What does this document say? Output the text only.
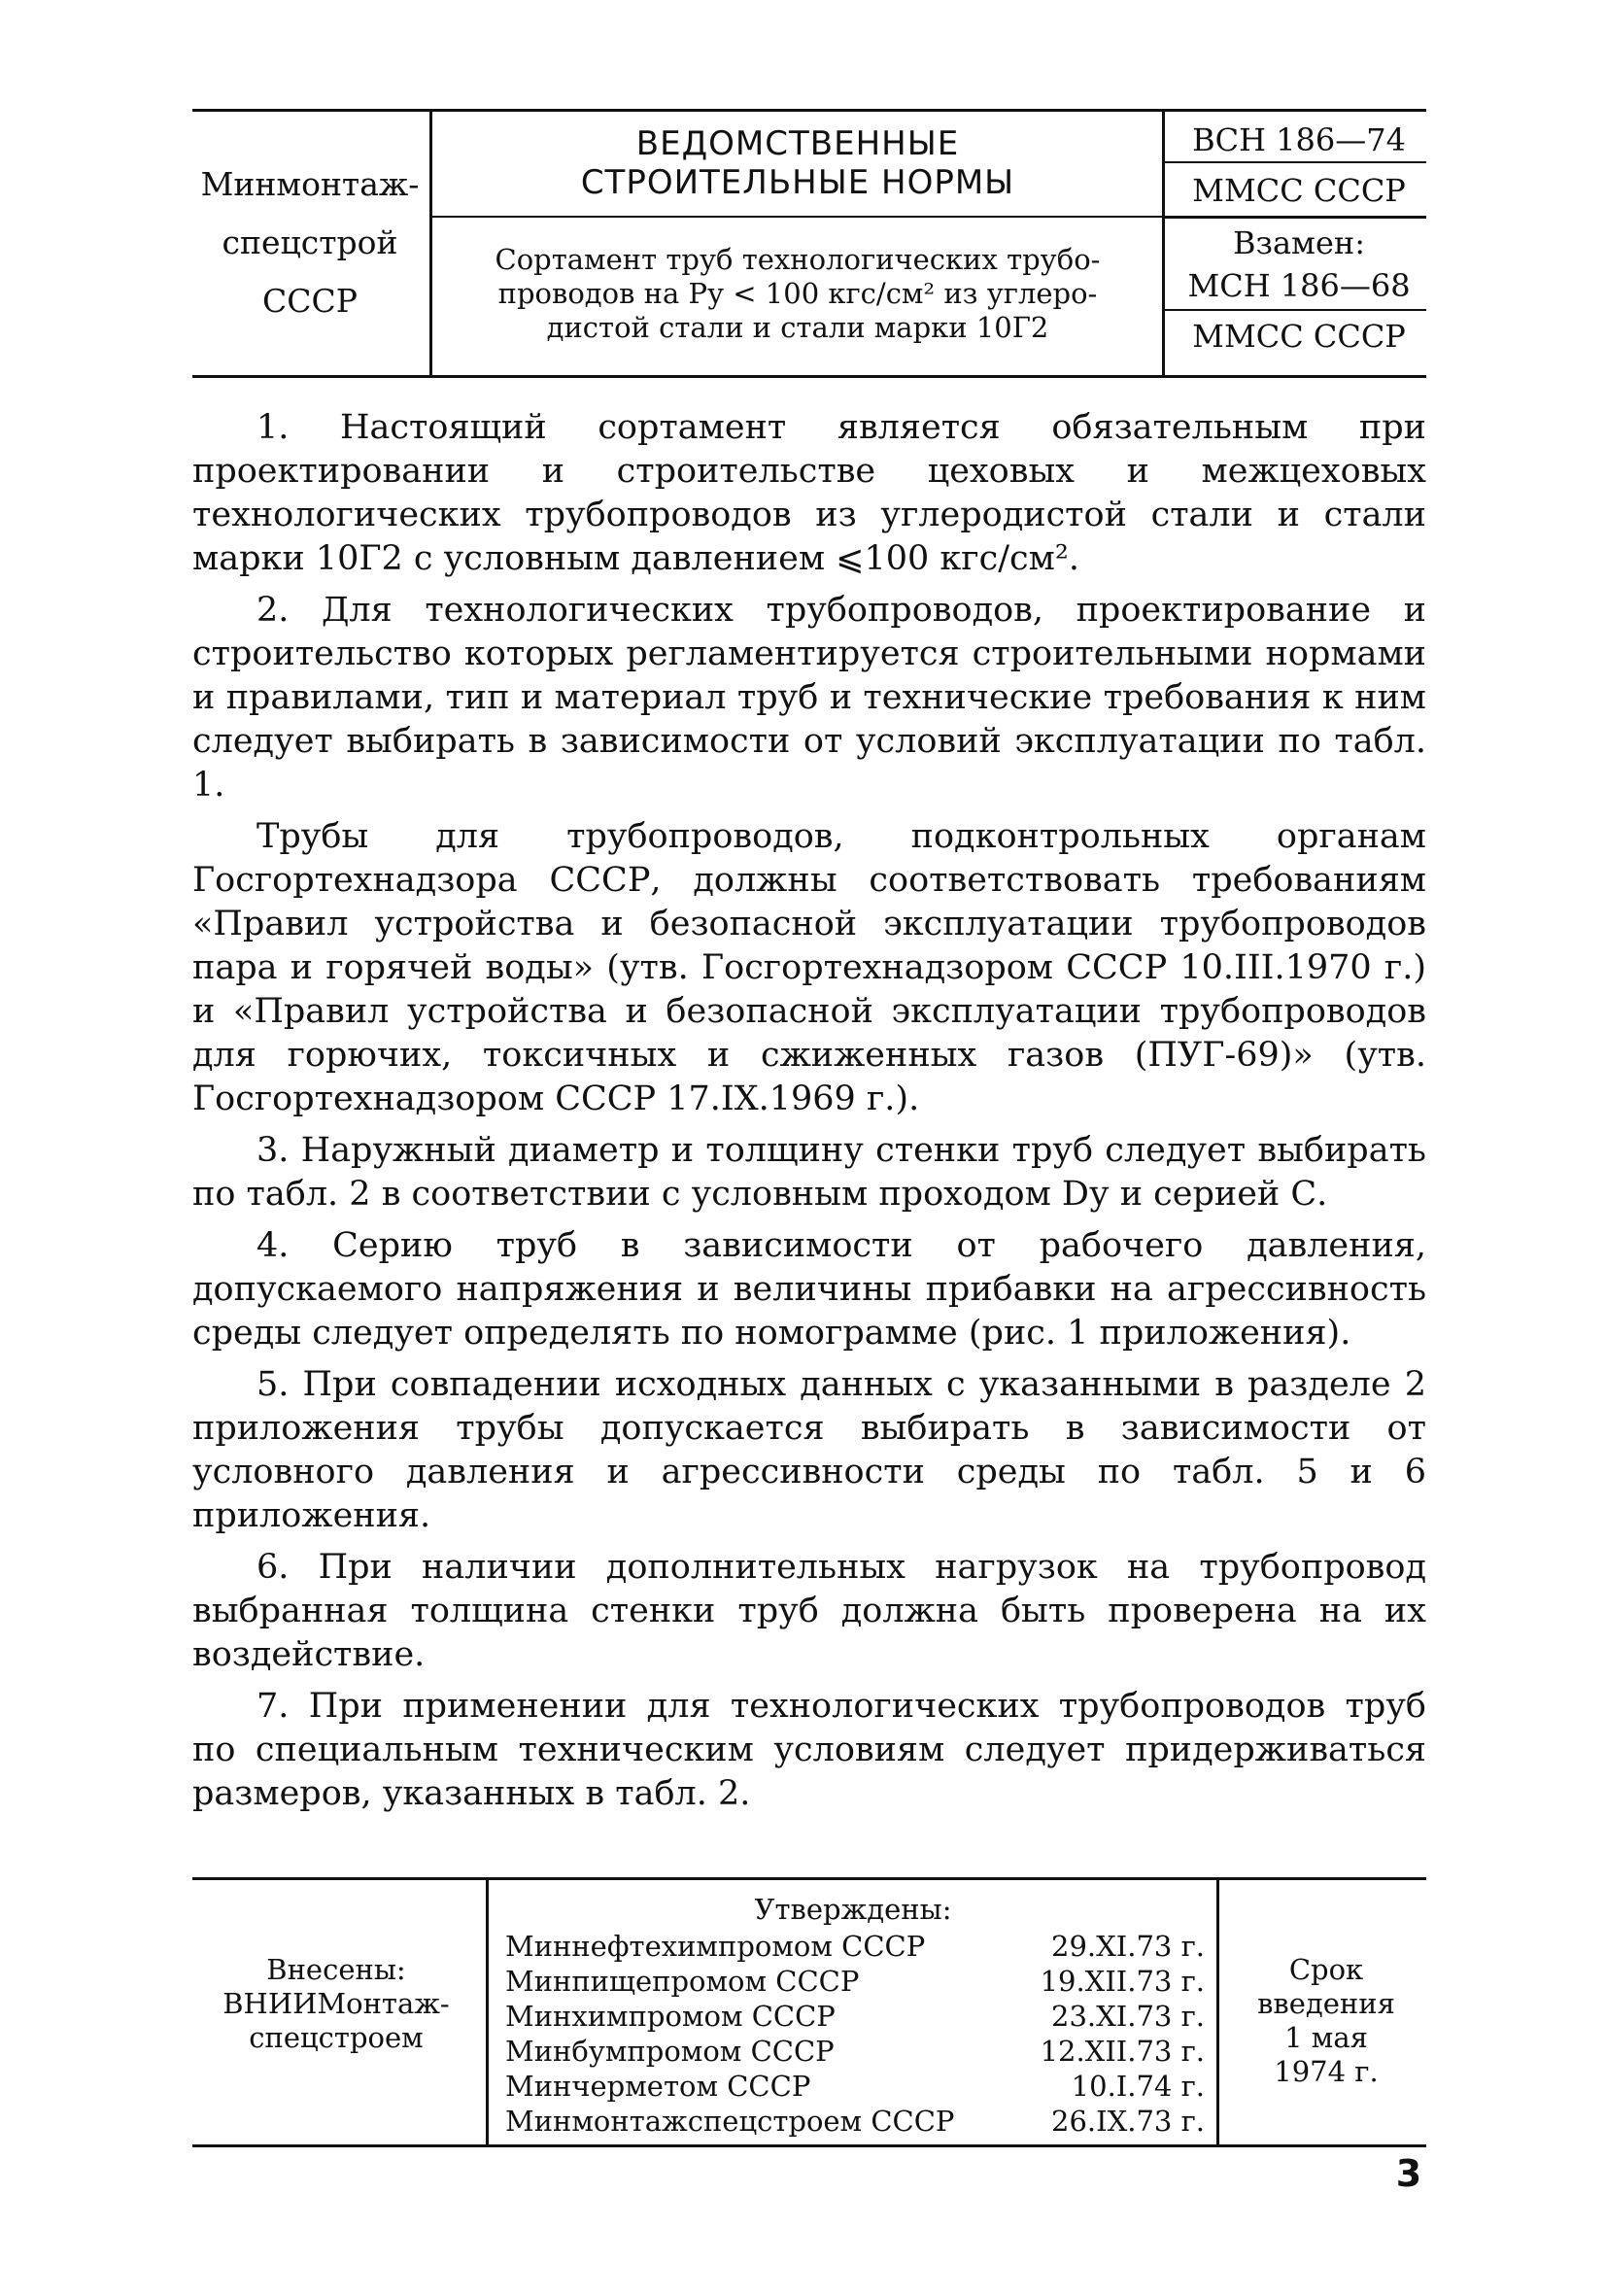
Минмонтаж-
спецстрой
СССР
ВЕДОМСТВЕННЫЕ
СТРОИТЕЛЬНЫЕ НОРМЫ
Сортамент труб технологических трубо-
проводов на Pу < 100 кгс/см² из углеро-
дистой стали и стали марки 10Г2
ВСН 186—74
ММСС СССР
Взамен:
МСН 186—68
ММСС СССР

1. Настоящий сортамент является обязательным при проектировании и строительстве цеховых и межцеховых технологических трубопроводов из углеродистой стали и стали марки 10Г2 с условным давлением ⩽100 кгс/см².

2. Для технологических трубопроводов, проектирование и строительство которых регламентируется строительными нормами и правилами, тип и материал труб и технические требования к ним следует выбирать в зависимости от условий эксплуатации по табл. 1.

Трубы для трубопроводов, подконтрольных органам Госгортехнадзора СССР, должны соответствовать требованиям «Правил устройства и безопасной эксплуатации трубопроводов пара и горячей воды» (утв. Госгортехнадзором СССР 10.III.1970 г.) и «Правил устройства и безопасной эксплуатации трубопроводов для горючих, токсичных и сжиженных газов (ПУГ-69)» (утв. Госгортехнадзором СССР 17.IX.1969 г.).

3. Наружный диаметр и толщину стенки труб следует выбирать по табл. 2 в соответствии с условным проходом Dу и серией С.

4. Серию труб в зависимости от рабочего давления, допускаемого напряжения и величины прибавки на агрессивность среды следует определять по номограмме (рис. 1 приложения).

5. При совпадении исходных данных с указанными в разделе 2 приложения трубы допускается выбирать в зависимости от условного давления и агрессивности среды по табл. 5 и 6 приложения.

6. При наличии дополнительных нагрузок на трубопровод выбранная толщина стенки труб должна быть проверена на их воздействие.

7. При применении для технологических трубопроводов труб по специальным техническим условиям следует придерживаться размеров, указанных в табл. 2.

Внесены:
ВНИИМонтаж-
спецстроем
Утверждены:
Миннефтехимпромом СССР	29.XI.73 г.
Минпищепромом СССР	19.XII.73 г.
Минхимпромом СССР	23.XI.73 г.
Минбумпромом СССР	12.XII.73 г.
Минчерметом СССР	10.I.74 г.
Минмонтажспецстроем СССР	26.IX.73 г.
Срок
введения
1 мая
1974 г.
3
